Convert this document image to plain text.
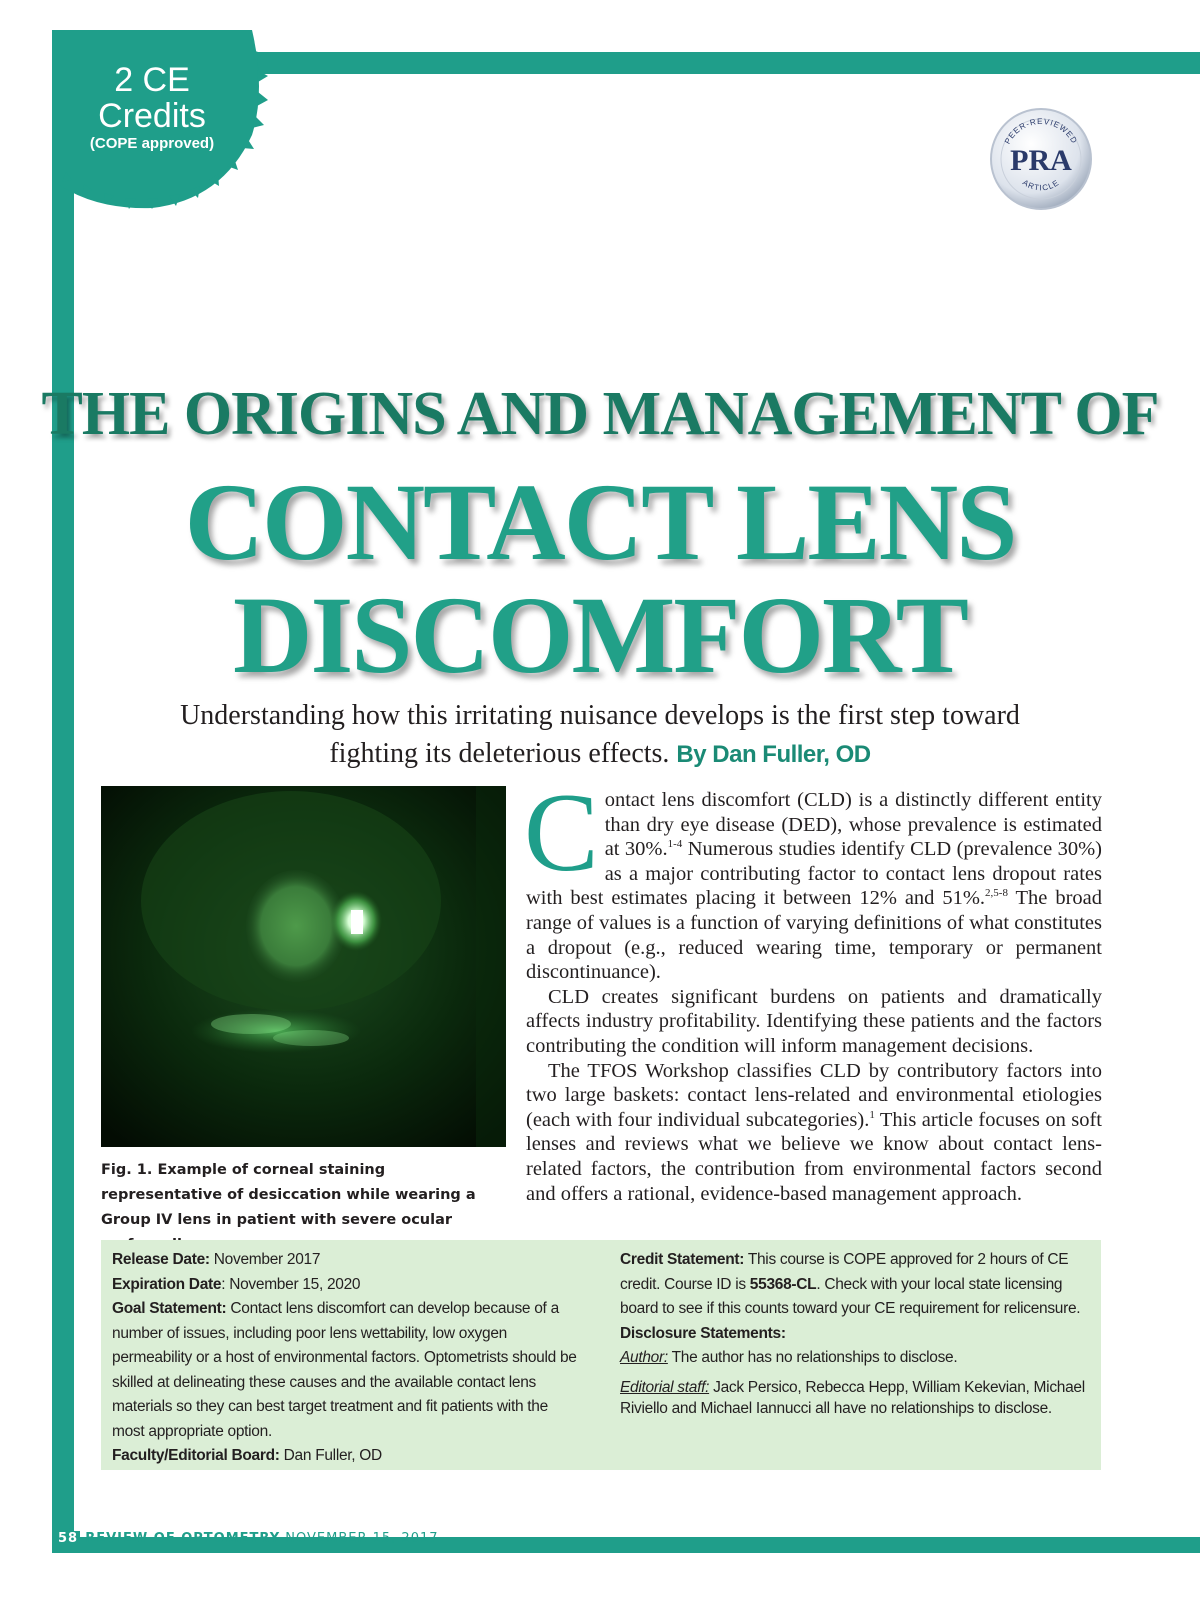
2 CE
Credits
(COPE approved)	PEER-REVIEWED
PRA
ARTICLE
THE ORIGINS AND MANAGEMENT OF
CONTACT LENS
DISCOMFORT
Understanding how this irritating nuisance develops is the first step toward fighting its deleterious effects. By Dan Fuller, OD
Fig. 1. Example of corneal staining representative of desiccation while wearing a Group IV lens in patient with severe ocular

Contact lens discomfort (CLD) is a distinctly different entity than dry eye disease (DED), whose prevalence is estimated at 30%.$^{1-4}$ Numerous studies identify CLD (prevalence 30%) as a major contributing factor to contact lens dropout rates with best estimates placing it between 12% and 51%.$^{2,5-8}$ The broad range of values is a function of varying definitions of what constitutes a dropout (e.g., reduced wearing time, temporary or permanent discontinuance).

CLD creates significant burdens on patients and dramatically affects industry profitability. Identifying these patients and the factors contributing the condition will inform management decisions.

The TFOS Workshop classifies CLD by contributory factors into two large baskets: contact lens-related and environmental etiologies (each with four individual subcategories).$^1$ This article focuses on soft lenses and reviews what we believe we know about contact lens-related factors, the contribution from environmental factors second and offers a rational, evidence-based management approach.

Release Date: November 2017

Expiration Date: November 15, 2020

Goal Statement: Contact lens discomfort can develop because of a number of issues, including poor lens wettability, low oxygen permeability or a host of environmental factors. Optometrists should be skilled at delineating these causes and the available contact lens materials so they can best target treatment and fit patients with the most appropriate option.

Faculty/Editorial Board: Dan Fuller, OD

Credit Statement: This course is COPE approved for 2 hours of CE credit. Course ID is 55368-CL. Check with your local state licensing board to see if this counts toward your CE requirement for relicensure.

Disclosure Statements:

Author: The author has no relationships to disclose.

Editorial staff: Jack Persico, Rebecca Hepp, William Kekevian, Michael Riviello and Michael Iannucci all have no relationships to disclose.

58 REVIEW OF OPTOMETRY NOVEMBER 15, 2017
